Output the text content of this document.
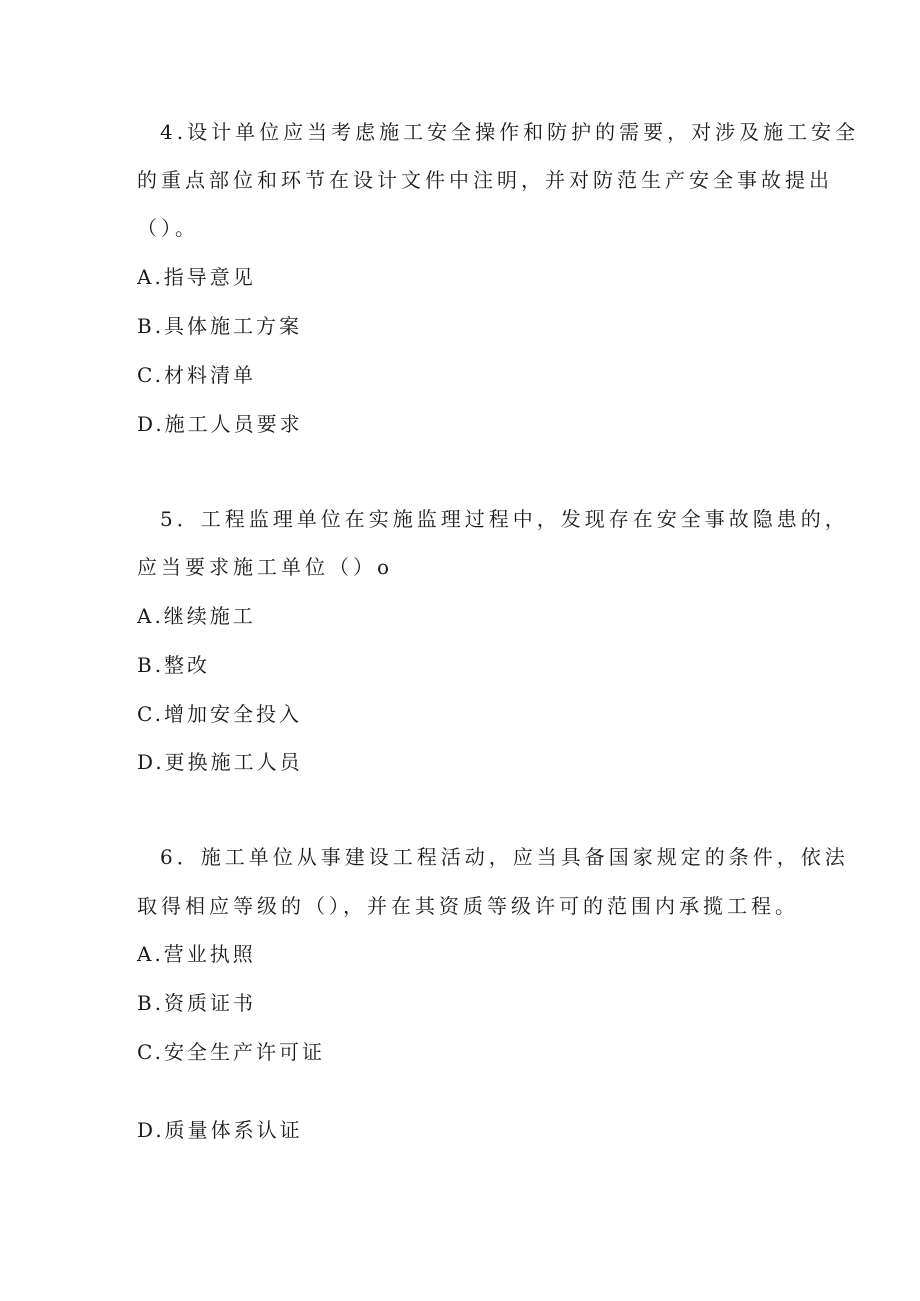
4.设计单位应当考虑施工安全操作和防护的需要，对涉及施工安全
的重点部位和环节在设计文件中注明，并对防范生产安全事故提出
（）。
A.指导意见
B.具体施工方案
C.材料清单
D.施工人员要求
5．工程监理单位在实施监理过程中，发现存在安全事故隐患的，
应当要求施工单位（）o
A.继续施工
B.整改
C.增加安全投入
D.更换施工人员
6．施工单位从事建设工程活动，应当具备国家规定的条件，依法
取得相应等级的（），并在其资质等级许可的范围内承揽工程。
A.营业执照
B.资质证书
C.安全生产许可证
D.质量体系认证
